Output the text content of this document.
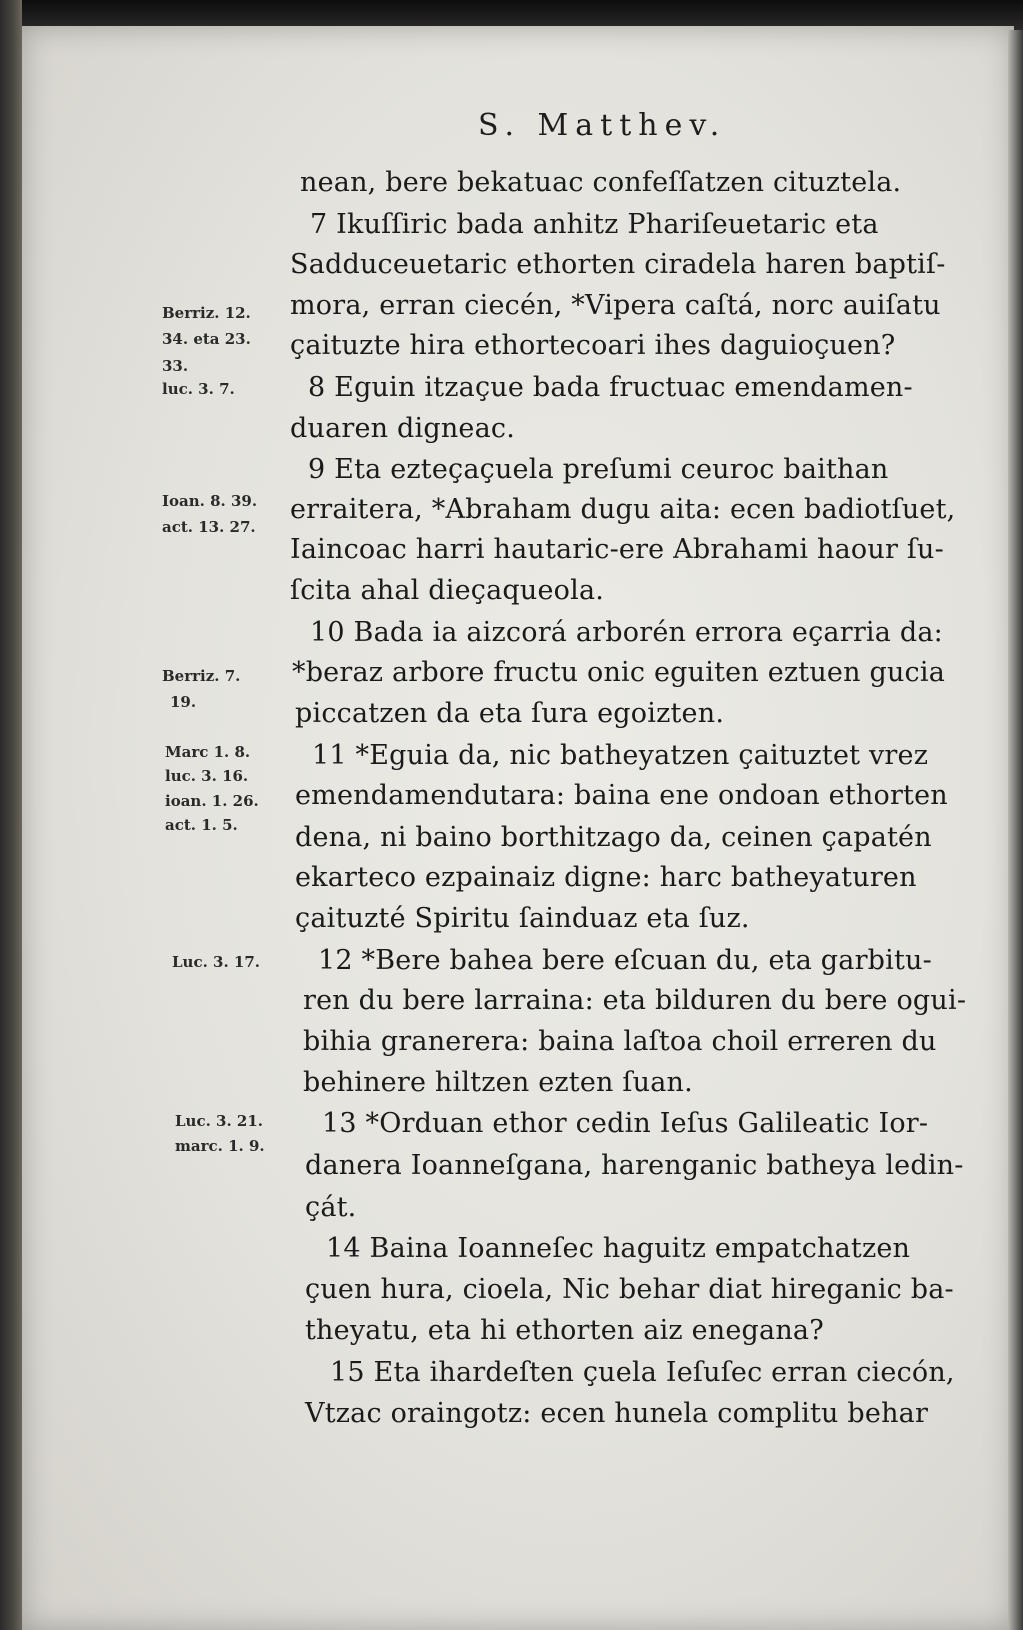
S. Matthev.
nean, bere bekatuac confeſſatzen cituztela.
7 Ikuſſiric bada anhitz Phariſeuetaric eta
Sadduceuetaric ethorten ciradela haren baptiſ-
mora, erran ciecén, *Vipera caſtá, norc auiſatu
çaituzte hira ethortecoari ihes daguioçuen?
8 Eguin itzaçue bada fructuac emendamen-
duaren digneac.
9 Eta ezteçaçuela preſumi ceuroc baithan
erraitera, *Abraham dugu aita: ecen badiotſuet,
Iaincoac harri hautaric-ere Abrahami haour ſu-
ſcita ahal dieçaqueola.
10 Bada ia aizcorá arborén errora eçarria da:
*beraz arbore fructu onic eguiten eztuen gucia
piccatzen da eta ſura egoizten.
11 *Eguia da, nic batheyatzen çaituztet vrez
emendamendutara: baina ene ondoan ethorten
dena, ni baino borthitzago da, ceinen çapatén
ekarteco ezpainaiz digne: harc batheyaturen
çaituzté Spiritu ſainduaz eta ſuz.
12 *Bere bahea bere eſcuan du, eta garbitu-
ren du bere larraina: eta bilduren du bere ogui-
bihia granerera: baina laſtoa choil erreren du
behinere hiltzen ezten ſuan.
13 *Orduan ethor cedin Ieſus Galileatic Ior-
danera Ioanneſgana, harenganic batheya ledin-
çát.
14 Baina Ioanneſec haguitz empatchatzen
çuen hura, cioela, Nic behar diat hireganic ba-
theyatu, eta hi ethorten aiz enegana?
15 Eta ihardeſten çuela Ieſuſec erran ciecón,
Vtzac oraingotz: ecen hunela complitu behar
Berriz. 12.
34. eta 23.
33.
luc. 3. 7.
Ioan. 8. 39.
act. 13. 27.
Berriz. 7.
19.
Marc 1. 8.
luc. 3. 16.
ioan. 1. 26.
act. 1. 5.
Luc. 3. 17.
Luc. 3. 21.
marc. 1. 9.
